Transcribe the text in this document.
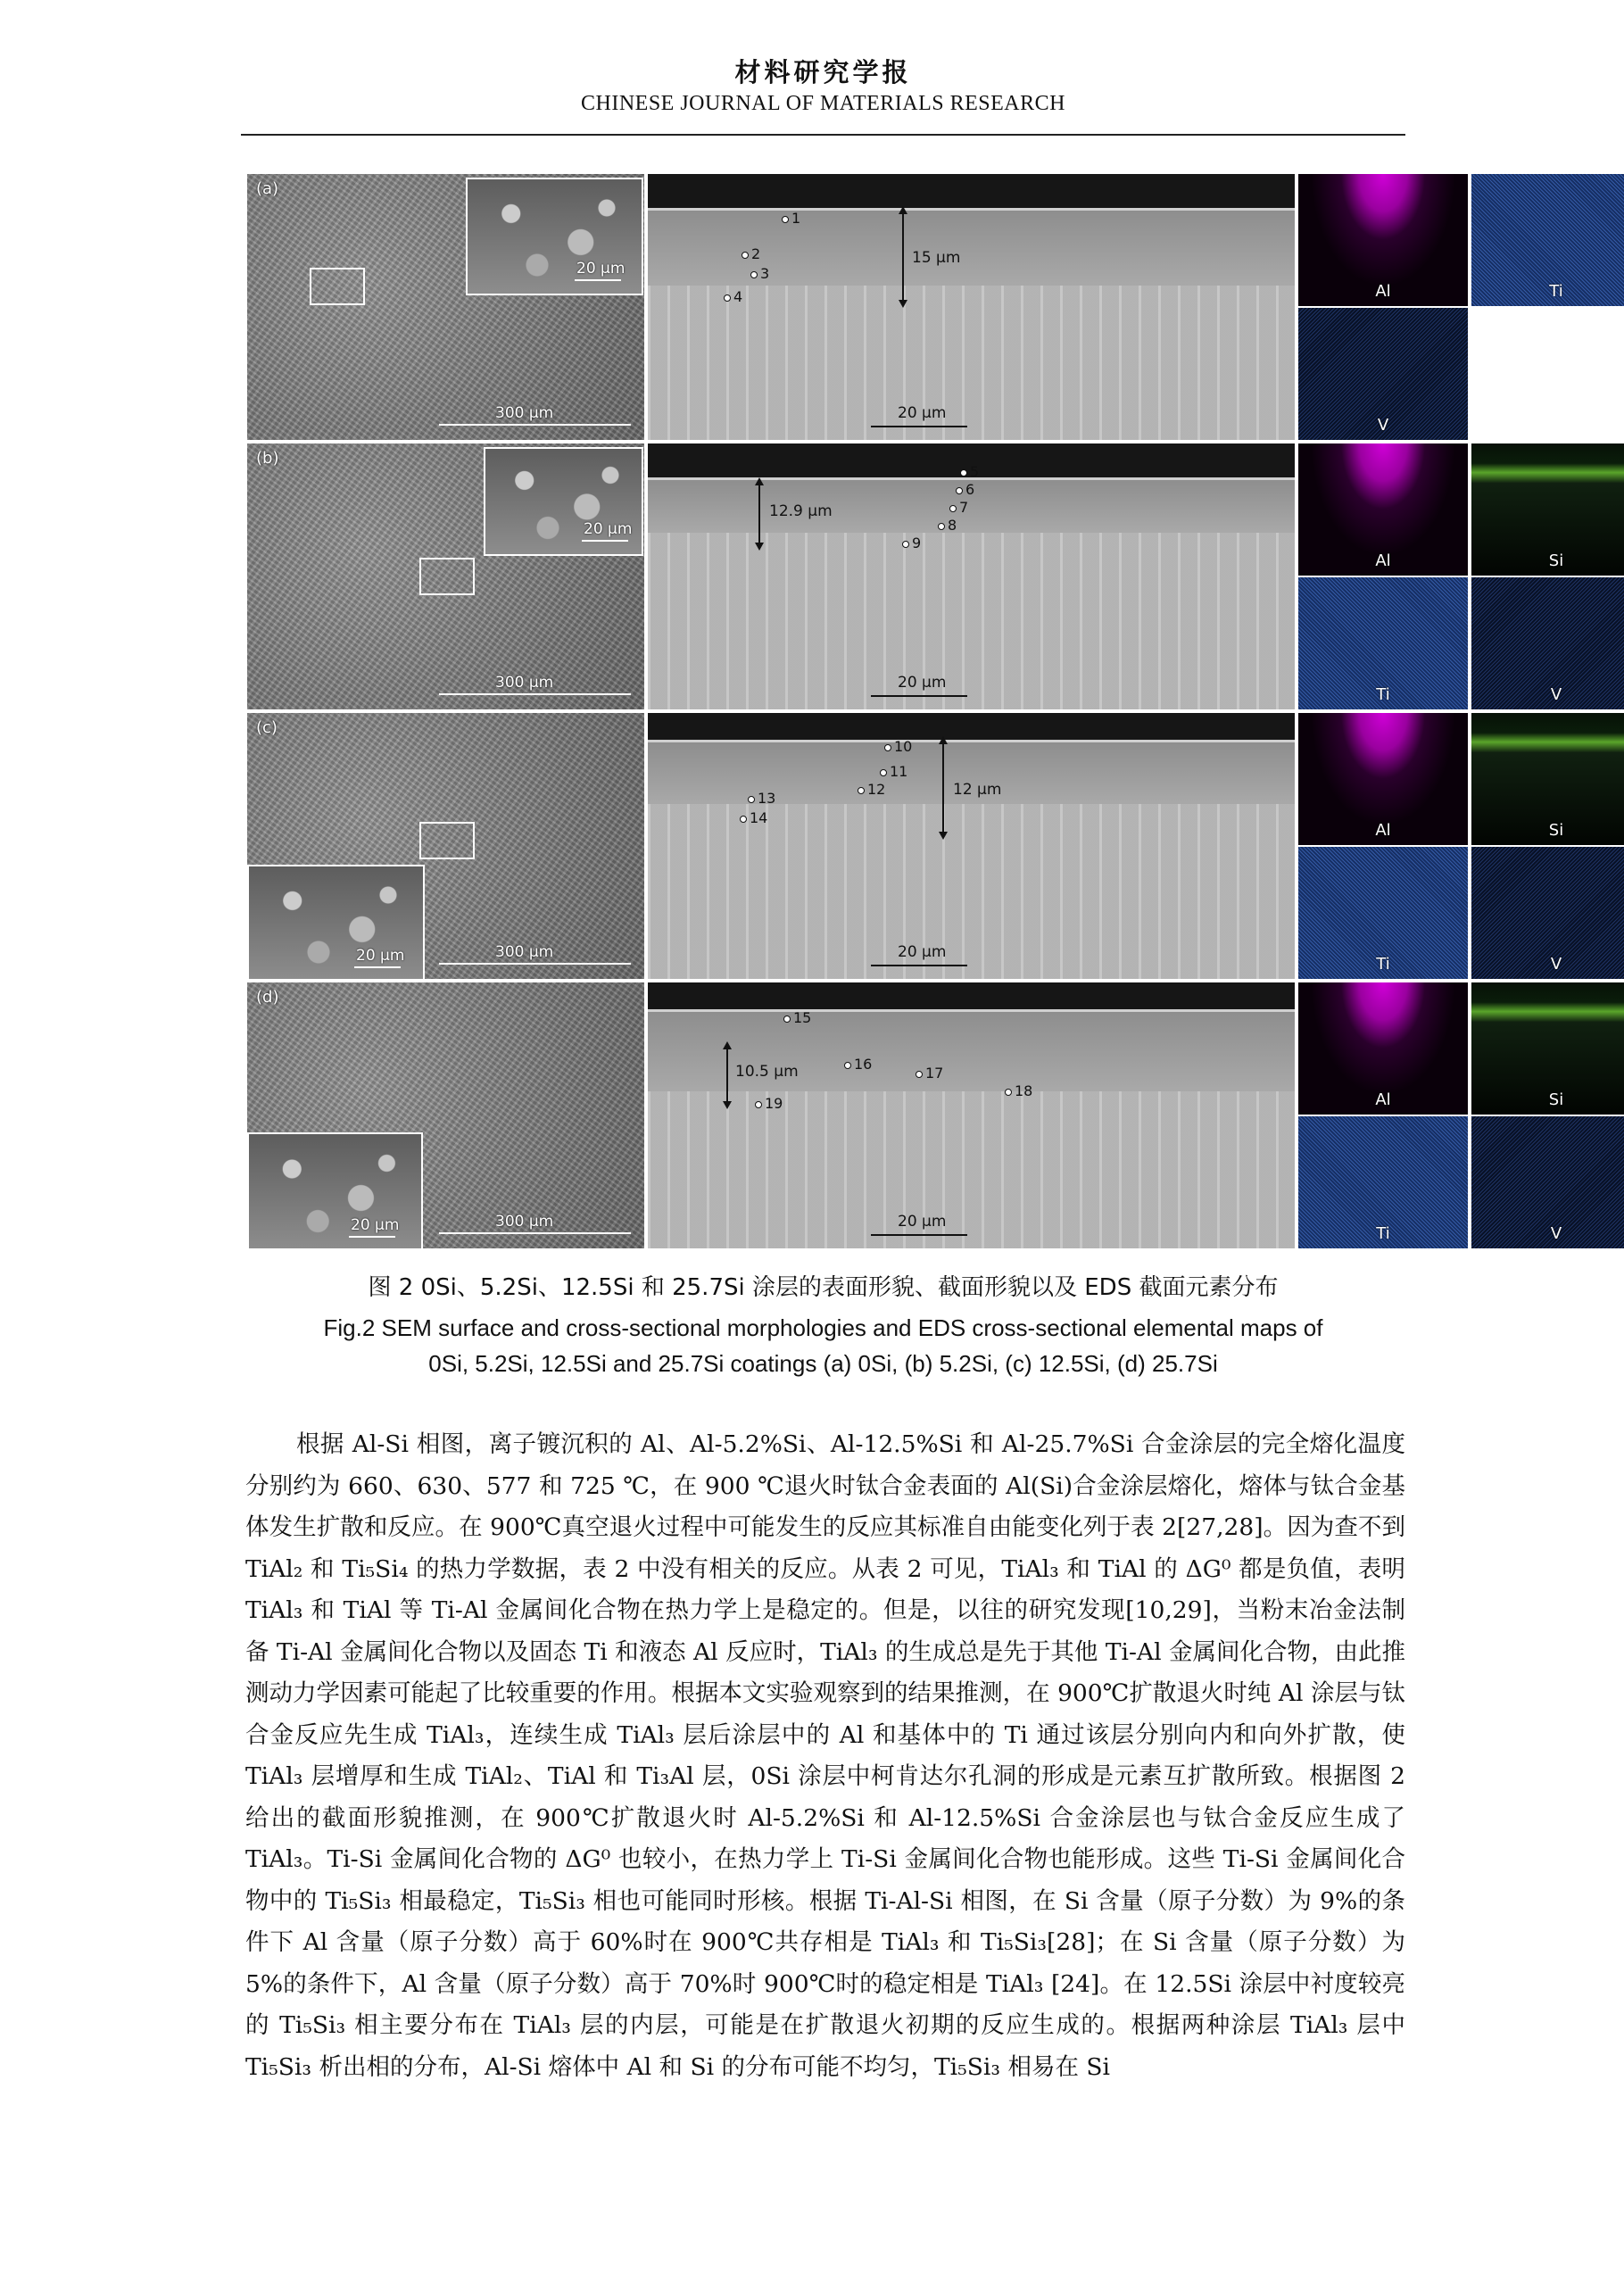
材料研究学报
CHINESE JOURNAL OF MATERIALS RESEARCH
(a)
20 μm
300 μm
1
2
3
4
15 μm
20 μm
Al	Ti
V
(b)
20 μm
300 μm
5
6
7
8
9
12.9 μm
20 μm
Al	Si
Ti	V
(c)
20 μm	300 μm
10
11
12
13
14
12 μm
20 μm
Al	Si
Ti	V
(d)
20 μm	300 μm
15
16
17
18
19
10.5 μm
20 μm
Al	Si
Ti	V
图 2 0Si、5.2Si、12.5Si 和 25.7Si 涂层的表面形貌、截面形貌以及 EDS 截面元素分布
Fig.2 SEM surface and cross-sectional morphologies and EDS cross-sectional elemental maps of
0Si, 5.2Si, 12.5Si and 25.7Si coatings (a) 0Si, (b) 5.2Si, (c) 12.5Si, (d) 25.7Si

根据 Al-Si 相图，离子镀沉积的 Al、Al-5.2%Si、Al-12.5%Si 和 Al-25.7%Si 合金涂层的完全熔化温度分别约为 660、630、577 和 725 ℃，在 900 ℃退火时钛合金表面的 Al(Si)合金涂层熔化，熔体与钛合金基体发生扩散和反应。在 900℃真空退火过程中可能发生的反应其标准自由能变化列于表 2[27,28]。因为查不到 TiAl₂ 和 Ti₅Si₄ 的热力学数据，表 2 中没有相关的反应。从表 2 可见，TiAl₃ 和 TiAl 的 ΔG⁰ 都是负值，表明 TiAl₃ 和 TiAl 等 Ti-Al 金属间化合物在热力学上是稳定的。但是，以往的研究发现[10,29]，当粉末冶金法制备 Ti-Al 金属间化合物以及固态 Ti 和液态 Al 反应时，TiAl₃ 的生成总是先于其他 Ti-Al 金属间化合物，由此推测动力学因素可能起了比较重要的作用。根据本文实验观察到的结果推测，在 900℃扩散退火时纯 Al 涂层与钛合金反应先生成 TiAl₃，连续生成 TiAl₃ 层后涂层中的 Al 和基体中的 Ti 通过该层分别向内和向外扩散，使 TiAl₃ 层增厚和生成 TiAl₂、TiAl 和 Ti₃Al 层，0Si 涂层中柯肯达尔孔洞的形成是元素互扩散所致。根据图 2 给出的截面形貌推测，在 900℃扩散退火时 Al-5.2%Si 和 Al-12.5%Si 合金涂层也与钛合金反应生成了 TiAl₃。Ti-Si 金属间化合物的 ΔG⁰ 也较小，在热力学上 Ti-Si 金属间化合物也能形成。这些 Ti-Si 金属间化合物中的 Ti₅Si₃ 相最稳定，Ti₅Si₃ 相也可能同时形核。根据 Ti-Al-Si 相图，在 Si 含量（原子分数）为 9%的条件下 Al 含量（原子分数）高于 60%时在 900℃共存相是 TiAl₃ 和 Ti₅Si₃[28]；在 Si 含量（原子分数）为 5%的条件下，Al 含量（原子分数）高于 70%时 900℃时的稳定相是 TiAl₃ [24]。在 12.5Si 涂层中衬度较亮的 Ti₅Si₃ 相主要分布在 TiAl₃ 层的内层，可能是在扩散退火初期的反应生成的。根据两种涂层 TiAl₃ 层中 Ti₅Si₃ 析出相的分布，Al-Si 熔体中 Al 和 Si 的分布可能不均匀，Ti₅Si₃ 相易在 Si
